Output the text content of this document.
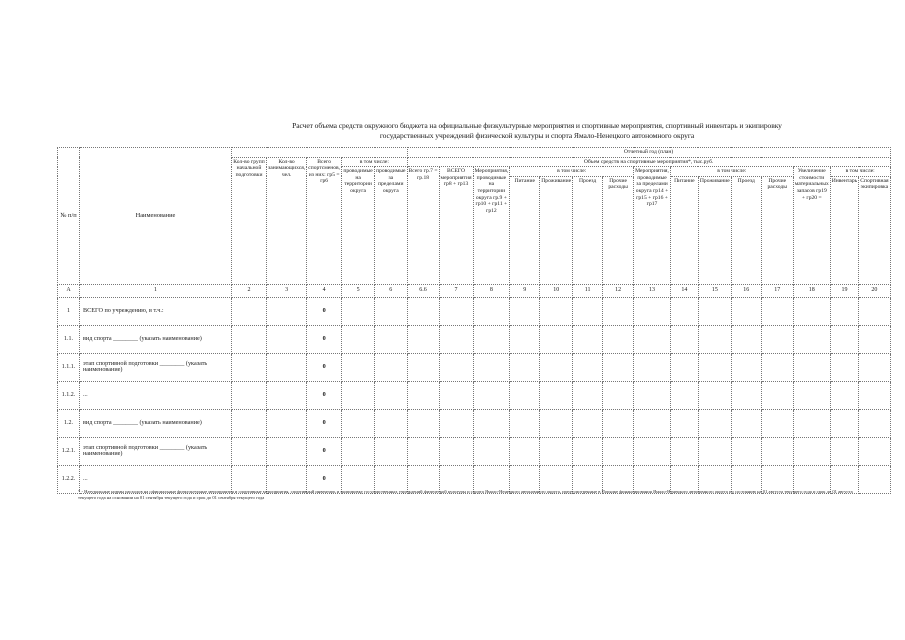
Расчет объема средств окружного бюджета на официальные физкультурные мероприятия и спортивные мероприятия, спортивный инвентарь и экипировку
государственных учреждений физической культуры и спорта Ямало-Ненецкого автономного округа
№ п/п	Наименование						Отчетный год (план)														
		Кол-во групп начальной подготовки	Кол-во занимающихся, чел.	Всего спортсменов, из них: гр5 = гр6	в том числе:		Объем средств на спортивные мероприятия*, тыс.руб.														
					проводимые на территории округа	проводимые за пределами округа	Всего гр.7 = гр.18	ВСЕГО мероприятия гр8 + гр13	Мероприятия, проводимые на территории округа гр.9 + гр10 + гр11 + гр12	в том числе:				Мероприятия, проводимые за пределами округа гр14 + гр15 + гр16 + гр17	в том числе:				Увеличение стоимости материальных запасов гр19 + гр20 =	в том числе:	
										Питание	Проживание	Проезд	Прочие расходы		Питание	Проживание	Проезд	Прочие расходы		Инвентарь	Спортивная экипировка
А	1	2	3	4	5	6	6.6	7	8	9	10	11	12	13	14	15	16	17	18	19	20
1	ВСЕГО по учреждению, в т.ч.:			0																	
1.1.	вид спорта ________ (указать наименование)			0																	
1.1.1.	этап спортивной подготовки ________ (указать наименование)			0																	
1.1.2.	...			0																	
1.2.	вид спорта ________ (указать наименование)			0																	
1.2.1.	этап спортивной подготовки ________ (указать наименование)			0																	
1.2.2.	...			0																	
* - Натуральные нормы расходов на официальные физкультурные мероприятия и спортивные мероприятия, спортивный инвентарь и экипировку государственных учреждений физической культуры и спорта Ямало-Ненецкого автономного округа, предусмотренные в Порядке финансирования Ямало-Ненецкого автономного округа по состоянию на 01 августа текущего года и срок до 01 августа текущего года на основании на 01 сентября текущего года и срок до 01 сентября текущего года
